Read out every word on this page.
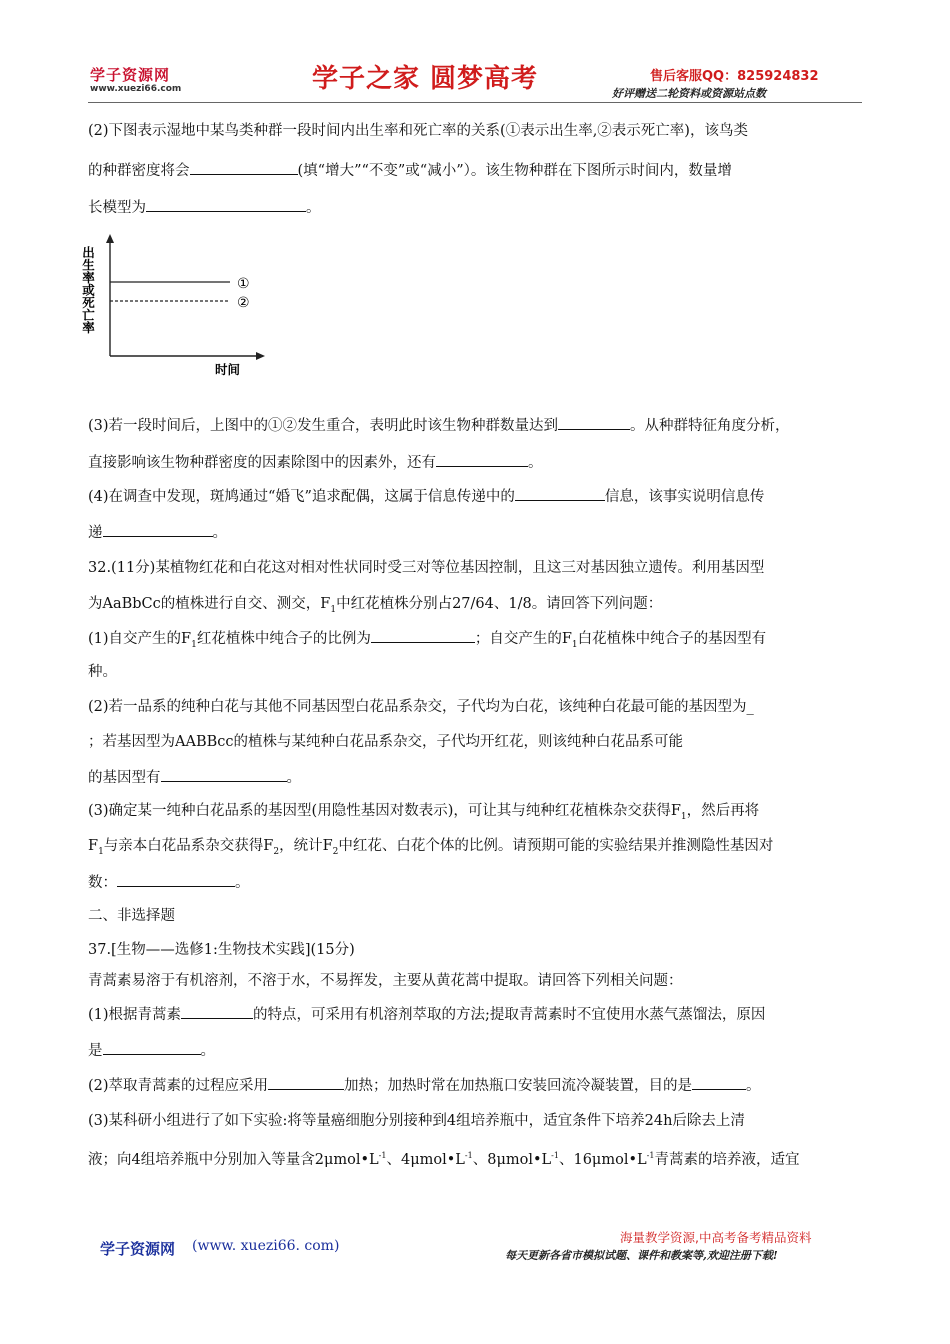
学子资源网
www.xuezi66.com	学子之家 圆梦高考	售后客服QQ：825924832
好评赠送二轮资料或资源站点数
(2)下图表示湿地中某鸟类种群一段时间内出生率和死亡率的关系(①表示出生率,②表示死亡率)，该鸟类
的种群密度将会	(填“增大”“不变”或“减小”）。该生物种群在下图所示时间内，数量增
长模型为	。
出生率或死亡率	①
②
时间
(3)若一段时间后，上图中的①②发生重合，表明此时该生物种群数量达到	。从种群特征角度分析，
直接影响该生物种群密度的因素除图中的因素外，还有	。
(4)在调查中发现，斑鸠通过“婚飞”追求配偶，这属于信息传递中的	信息，该事实说明信息传
递	。
32.(11分)某植物红花和白花这对相对性状同时受三对等位基因控制，且这三对基因独立遗传。利用基因型
为AaBbCc的植株进行自交、测交，$F_1$中红花植株分别占27/64、1/8。请回答下列问题：
(1)自交产生的$F_1$红花植株中纯合子的比例为	；自交产生的$F_1$白花植株中纯合子的基因型有
种。
(2)若一品系的纯种白花与其他不同基因型白花品系杂交，子代均为白花，该纯种白花最可能的基因型为_
；若基因型为AABBcc的植株与某纯种白花品系杂交，子代均开红花，则该纯种白花品系可能
的基因型有	。
(3)确定某一纯种白花品系的基因型(用隐性基因对数表示)，可让其与纯种红花植株杂交获得$F_1$，然后再将
$F_1$与亲本白花品系杂交获得$F_2$，统计$F_2$中红花、白花个体的比例。请预期可能的实验结果并推测隐性基因对
数：	。
二、非选择题
37.[生物——选修1:生物技术实践](15分)
青蒿素易溶于有机溶剂，不溶于水，不易挥发，主要从黄花蒿中提取。请回答下列相关问题：
(1)根据青蒿素	的特点，可采用有机溶剂萃取的方法;提取青蒿素时不宜使用水蒸气蒸馏法，原因
是	。
(2)萃取青蒿素的过程应采用	加热；加热时常在加热瓶口安装回流冷凝装置，目的是	。
(3)某科研小组进行了如下实验:将等量癌细胞分别接种到4组培养瓶中，适宜条件下培养24h后除去上清
液；向4组培养瓶中分别加入等量含$2\mu mol•L^{-1}$、$4\mu mol•L^{-1}$、$8\mu mol•L^{-1}$、$16\mu mol•L^{-1}$青蒿素的培养液，适宜
学子资源网 (www. xuezi66. com)
海量教学资源,中高考备考精品资料
每天更新各省市模拟试题、课件和教案等,欢迎注册下载!
